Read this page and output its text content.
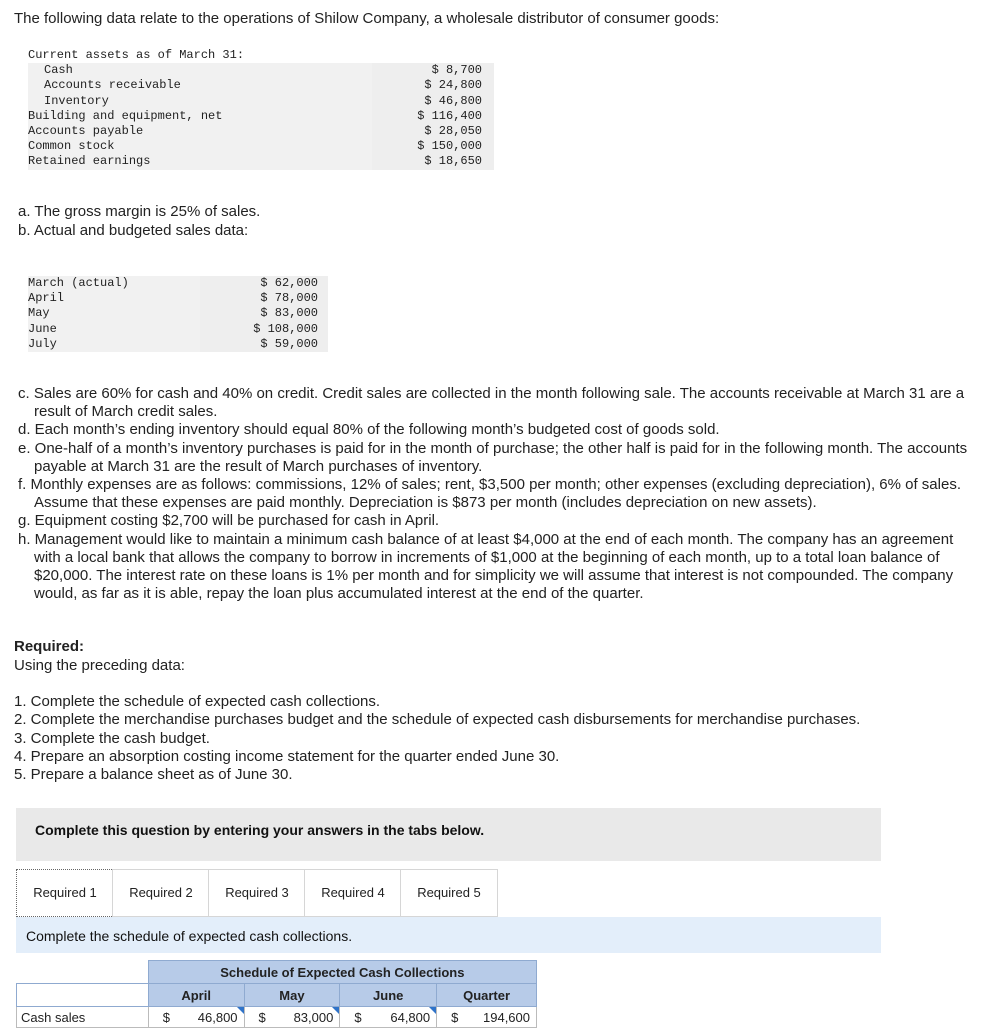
The following data relate to the operations of Shilow Company, a wholesale distributor of consumer goods:

Current assets as of March 31:	
Cash	$ 8,700
Accounts receivable	$ 24,800
Inventory	$ 46,800
Building and equipment, net	$ 116,400
Accounts payable	$ 28,050
Common stock	$ 150,000
Retained earnings	$ 18,650
a. The gross margin is 25% of sales.
b. Actual and budgeted sales data:
March (actual)	$ 62,000
April	$ 78,000
May	$ 83,000
June	$ 108,000
July	$ 59,000
c. Sales are 60% for cash and 40% on credit. Credit sales are collected in the month following sale. The accounts receivable at March 31 are a result of March credit sales.
d. Each month’s ending inventory should equal 80% of the following month’s budgeted cost of goods sold.
e. One-half of a month’s inventory purchases is paid for in the month of purchase; the other half is paid for in the following month. The accounts payable at March 31 are the result of March purchases of inventory.
f. Monthly expenses are as follows: commissions, 12% of sales; rent, $3,500 per month; other expenses (excluding depreciation), 6% of sales. Assume that these expenses are paid monthly. Depreciation is $873 per month (includes depreciation on new assets).
g. Equipment costing $2,700 will be purchased for cash in April.
h. Management would like to maintain a minimum cash balance of at least $4,000 at the end of each month. The company has an agreement with a local bank that allows the company to borrow in increments of $1,000 at the beginning of each month, up to a total loan balance of $20,000. The interest rate on these loans is 1% per month and for simplicity we will assume that interest is not compounded. The company would, as far as it is able, repay the loan plus accumulated interest at the end of the quarter.
Required:
Using the preceding data:
1. Complete the schedule of expected cash collections.
2. Complete the merchandise purchases budget and the schedule of expected cash disbursements for merchandise purchases.
3. Complete the cash budget.
4. Prepare an absorption costing income statement for the quarter ended June 30.
5. Prepare a balance sheet as of June 30.
Complete this question by entering your answers in the tabs below.
Required 1	Required 2	Required 3	Required 4	Required 5
Complete the schedule of expected cash collections.
	Schedule of Expected Cash Collections			
	April	May	June	Quarter
Cash sales	$ 46,800	$ 83,000	$ 64,800	$ 194,600
